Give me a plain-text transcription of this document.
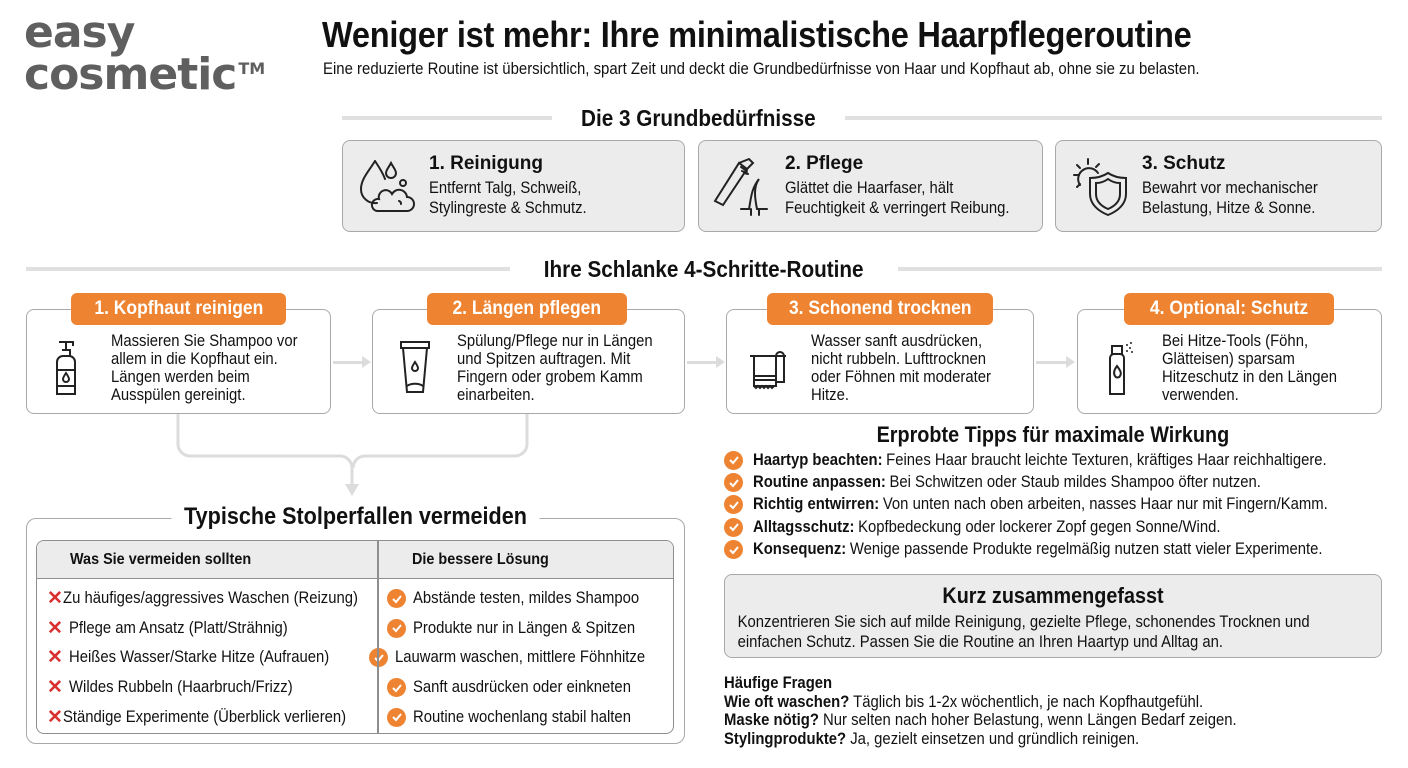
easy
cosmetic ™
Weniger ist mehr: Ihre minimalistische Haarpflegeroutine

Eine reduzierte Routine ist übersichtlich, spart Zeit und deckt die Grundbedürfnisse von Haar und Kopfhaut ab, ohne sie zu belasten.

Die 3 Grundbedürfnisse
1. Reinigung

Entfernt Talg, Schweiß,

Stylingreste & Schmutz.

2. Pflege

Glättet die Haarfaser, hält

Feuchtigkeit & verringert Reibung.

3. Schutz

Bewahrt vor mechanischer

Belastung, Hitze & Sonne.

Ihre Schlanke 4-Schritte-Routine
Massieren Sie Shampoo vor
allem in die Kopfhaut ein.
Längen werden beim
Ausspülen gereinigt.
1. Kopfhaut reinigen
Spülung/Pflege nur in Längen
und Spitzen auftragen. Mit
Fingern oder grobem Kamm
einarbeiten.
2. Längen pflegen
Wasser sanft ausdrücken,
nicht rubbeln. Lufttrocknen
oder Föhnen mit moderater
Hitze.
3. Schonend trocknen
Bei Hitze-Tools (Föhn,
Glätteisen) sparsam
Hitzeschutz in den Längen
verwenden.
4. Optional: Schutz
Typische Stolperfallen vermeiden
Was Sie vermeiden sollten	Die bessere Lösung
✕ Zu häufiges/aggressives Waschen (Reizung)	Abstände testen, mildes Shampoo
✕ Pflege am Ansatz (Platt/Strähnig)	Produkte nur in Längen & Spitzen
✕ Heißes Wasser/Starke Hitze (Aufrauen)	Lauwarm waschen, mittlere Föhnhitze
✕ Wildes Rubbeln (Haarbruch/Frizz)	Sanft ausdrücken oder einkneten
✕ Ständige Experimente (Überblick verlieren)	Routine wochenlang stabil halten
Erprobte Tipps für maximale Wirkung
Haartyp beachten: Feines Haar braucht leichte Texturen, kräftiges Haar reichhaltigere.
Routine anpassen: Bei Schwitzen oder Staub mildes Shampoo öfter nutzen.
Richtig entwirren: Von unten nach oben arbeiten, nasses Haar nur mit Fingern/Kamm.
Alltagsschutz: Kopfbedeckung oder lockerer Zopf gegen Sonne/Wind.
Konsequenz: Wenige passende Produkte regelmäßig nutzen statt vieler Experimente.
Kurz zusammengefasst

Konzentrieren Sie sich auf milde Reinigung, gezielte Pflege, schonendes Trocknen und

einfachen Schutz. Passen Sie die Routine an Ihren Haartyp und Alltag an.

Häufige Fragen
Wie oft waschen? Täglich bis 1-2x wöchentlich, je nach Kopfhautgefühl.
Maske nötig? Nur selten nach hoher Belastung, wenn Längen Bedarf zeigen.
Stylingprodukte? Ja, gezielt einsetzen und gründlich reinigen.
